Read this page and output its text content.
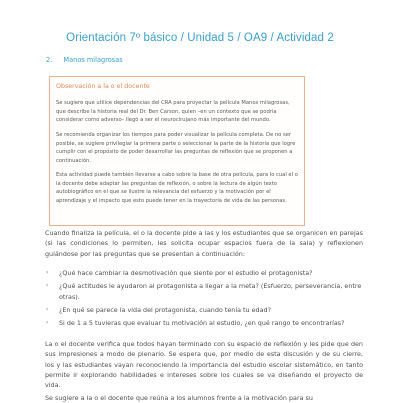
Orientación 7º básico / Unidad 5 / OA9 / Actividad 2
2. Manos milagrosas
Observación a la o el docente

Se sugiere que utilice dependencias del CRA para proyectar la película Manos milagrosas, que describe la historia real del Dr. Ben Carson, quien –en un contexto que se podría considerar como adverso– llegó a ser el neurocirujano más importante del mundo.

Se recomienda organizar los tiempos para poder visualizar la película completa. De no ser posible, se sugiere privilegiar la primera parte o seleccionar la parte de la historia que logre cumplir con el propósito de poder desarrollar las preguntas de reflexión que se proponen a continuación.

Esta actividad puede también llevarse a cabo sobre la base de otra película, para lo cual el o la docente debe adaptar las preguntas de reflexión, o sobre la lectura de algún texto autobiográfico en el que se ilustre la relevancia del esfuerzo y la motivación por el aprendizaje y el impacto que esto puede tener en la trayectoria de vida de las personas.

Cuando finaliza la película, el o la docente pide a las y los estudiantes que se organicen en parejas (si las condiciones lo permiten, les solicita ocupar espacios fuera de la sala) y reflexionen guiándose por las preguntas que se presentan a continuación:

› ¿Qué hace cambiar la desmotivación que siente por el estudio el protagonista?
› ¿Qué actitudes le ayudaron al protagonista a llegar a la meta? (Esfuerzo, perseverancia, entre otras).
› ¿En qué se parece la vida del protagonista, cuando tenía tu edad?
› Si de 1 a 5 tuvieras que evaluar tu motivación al estudio, ¿en qué rango te encontrarías?

La o el docente verifica que todos hayan terminado con su espacio de reflexión y les pide que den sus impresiones a modo de plenario. Se espera que, por medio de esta discusión y de su cierre, los y las estudiantes vayan reconociendo la importancia del estudio escolar sistemático, en tanto permite ir explorando habilidades e intereses sobre los cuales se va diseñando el proyecto de vida.

Se sugiere a la o el docente que reúna a los alumnos frente a la motivación para su
